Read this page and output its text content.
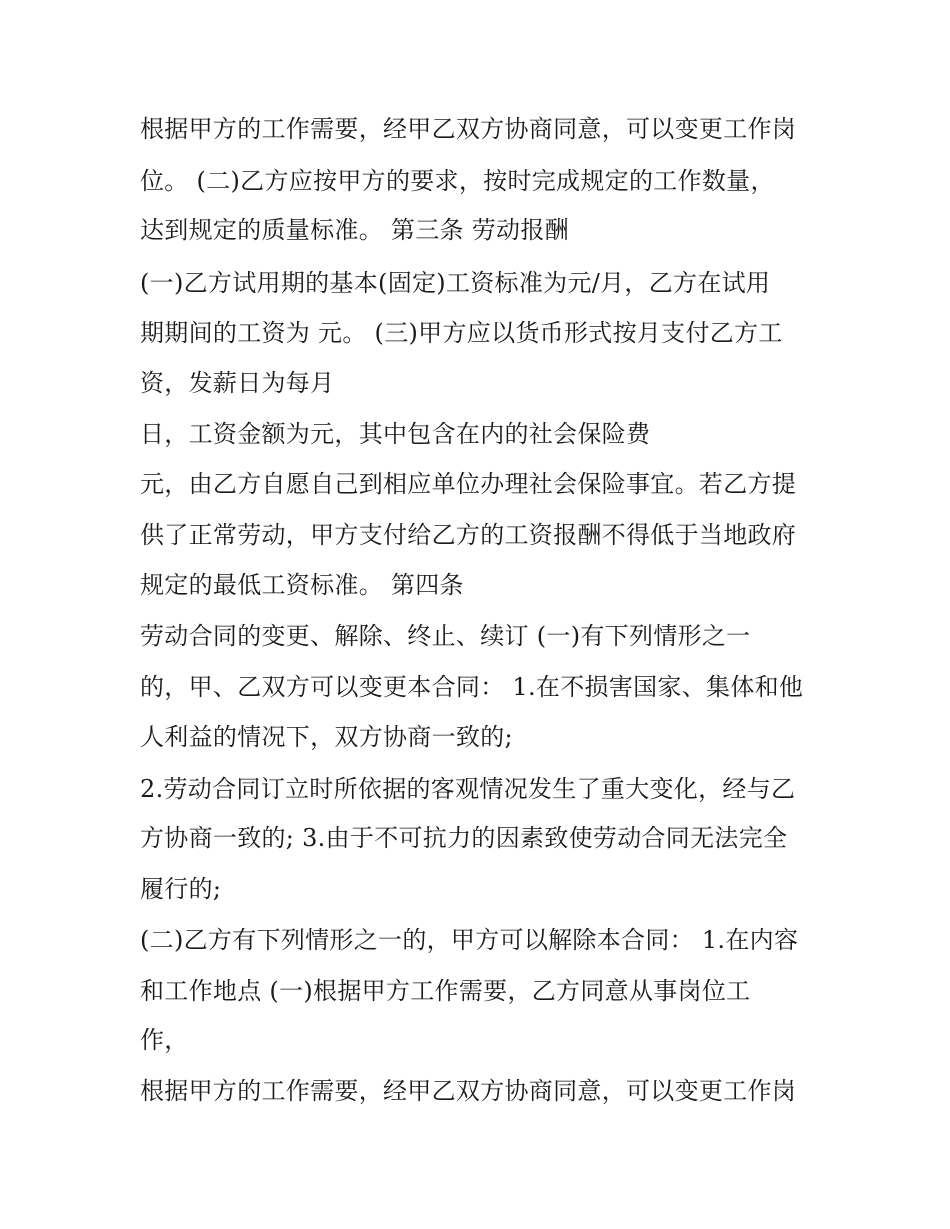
根据甲方的工作需要，经甲乙双方协商同意，可以变更工作岗
位。 (二)乙方应按甲方的要求，按时完成规定的工作数量，
达到规定的质量标准。 第三条 劳动报酬
(一)乙方试用期的基本(固定)工资标准为元/月，乙方在试用
期期间的工资为 元。 (三)甲方应以货币形式按月支付乙方工
资，发薪日为每月
日，工资金额为元，其中包含在内的社会保险费
元，由乙方自愿自己到相应单位办理社会保险事宜。若乙方提
供了正常劳动，甲方支付给乙方的工资报酬不得低于当地政府
规定的最低工资标准。 第四条
劳动合同的变更、解除、终止、续订 (一)有下列情形之一
的，甲、乙双方可以变更本合同： 1.在不损害国家、集体和他
人利益的情况下，双方协商一致的;
2.劳动合同订立时所依据的客观情况发生了重大变化，经与乙
方协商一致的; 3.由于不可抗力的因素致使劳动合同无法完全
履行的;
(二)乙方有下列情形之一的，甲方可以解除本合同： 1.在内容
和工作地点 (一)根据甲方工作需要，乙方同意从事岗位工
作，
根据甲方的工作需要，经甲乙双方协商同意，可以变更工作岗
